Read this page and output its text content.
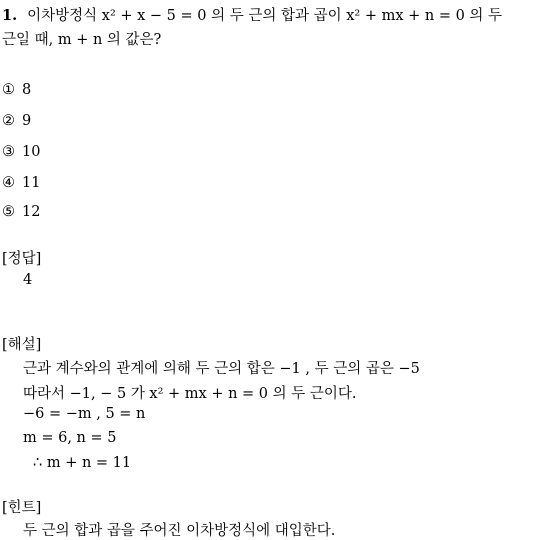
1. 이차방정식 x² + x − 5 = 0 의 두 근의 합과 곱이 x² + mx + n = 0 의 두
근일 때, m + n 의 값은?
① 8
② 9
③ 10
④ 11
⑤ 12
[정답]
4
[해설]
근과 계수와의 관계에 의해 두 근의 합은 −1 , 두 근의 곱은 −5
따라서 −1, − 5 가 x² + mx + n = 0 의 두 근이다.
−6 = −m , 5 = n
m = 6, n = 5
∴ m + n = 11
[힌트]
두 근의 합과 곱을 주어진 이차방정식에 대입한다.
